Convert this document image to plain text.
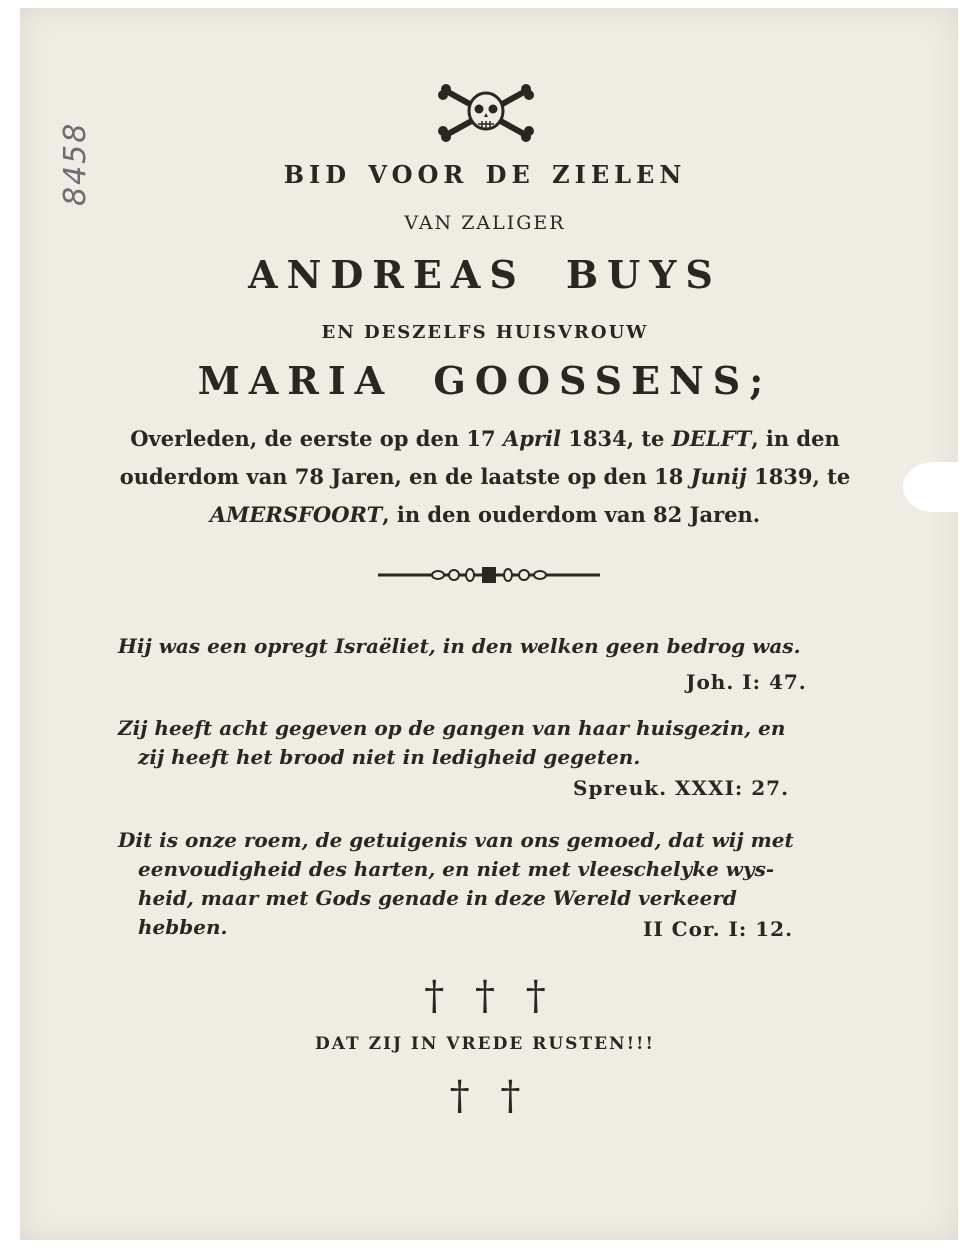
8458	BID VOOR DE ZIELEN
VAN ZALIGER
ANDREAS BUYS
EN DESZELFS HUISVROUW
MARIA GOOSSENS;
Overleden, de eerste op den 17 April 1834, te DELFT, in den ouderdom van 78 Jaren, en de laatste op den 18 Junij 1839, te AMERSFOORT, in den ouderdom van 82 Jaren.
Hij was een opregt Israëliet, in den welken geen bedrog was.
Joh. I: 47.
Zij heeft acht gegeven op de gangen van haar huisgezin, en
zij heeft het brood niet in ledigheid gegeten.
Spreuk. XXXI: 27.
Dit is onze roem, de getuigenis van ons gemoed, dat wij met
eenvoudigheid des harten, en niet met vleeschelyke wys-
heid, maar met Gods genade in deze Wereld verkeerd
hebben.	II Cor. I: 12.
† † †
DAT ZIJ IN VREDE RUSTEN!!!
† †
